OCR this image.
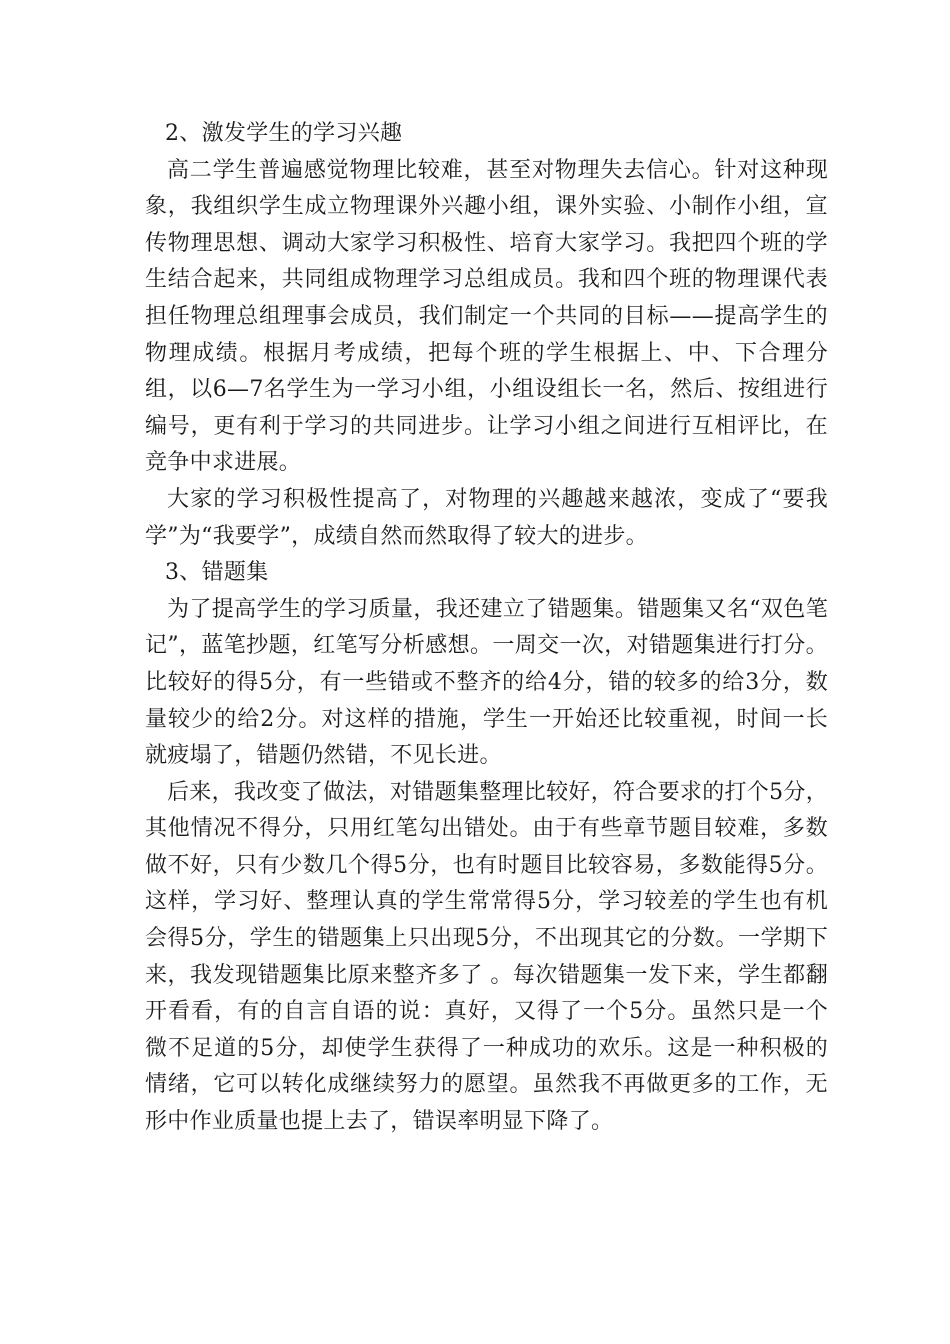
2、激发学生的学习兴趣

高二学生普遍感觉物理比较难，甚至对物理失去信心。针对这种现象，我组织学生成立物理课外兴趣小组，课外实验、小制作小组，宣传物理思想、调动大家学习积极性、培育大家学习。我把四个班的学生结合起来，共同组成物理学习总组成员。我和四个班的物理课代表担任物理总组理事会成员，我们制定一个共同的目标——提高学生的物理成绩。根据月考成绩，把每个班的学生根据上、中、下合理分组，以6—7名学生为一学习小组，小组设组长一名，然后、按组进行编号，更有利于学习的共同进步。让学习小组之间进行互相评比，在竞争中求进展。

大家的学习积极性提高了，对物理的兴趣越来越浓，变成了“要我学”为“我要学”，成绩自然而然取得了较大的进步。

3、错题集

为了提高学生的学习质量，我还建立了错题集。错题集又名“双色笔记”，蓝笔抄题，红笔写分析感想。一周交一次，对错题集进行打分。比较好的得5分，有一些错或不整齐的给4分，错的较多的给3分，数量较少的给2分。对这样的措施，学生一开始还比较重视，时间一长就疲塌了，错题仍然错，不见长进。

后来，我改变了做法，对错题集整理比较好，符合要求的打个5分，其他情况不得分，只用红笔勾出错处。由于有些章节题目较难，多数做不好，只有少数几个得5分，也有时题目比较容易，多数能得5分。这样，学习好、整理认真的学生常常得5分，学习较差的学生也有机会得5分，学生的错题集上只出现5分，不出现其它的分数。一学期下来，我发现错题集比原来整齐多了 。每次错题集一发下来，学生都翻开看看，有的自言自语的说：真好，又得了一个5分。虽然只是一个微不足道的5分，却使学生获得了一种成功的欢乐。这是一种积极的情绪，它可以转化成继续努力的愿望。虽然我不再做更多的工作，无形中作业质量也提上去了，错误率明显下降了。
